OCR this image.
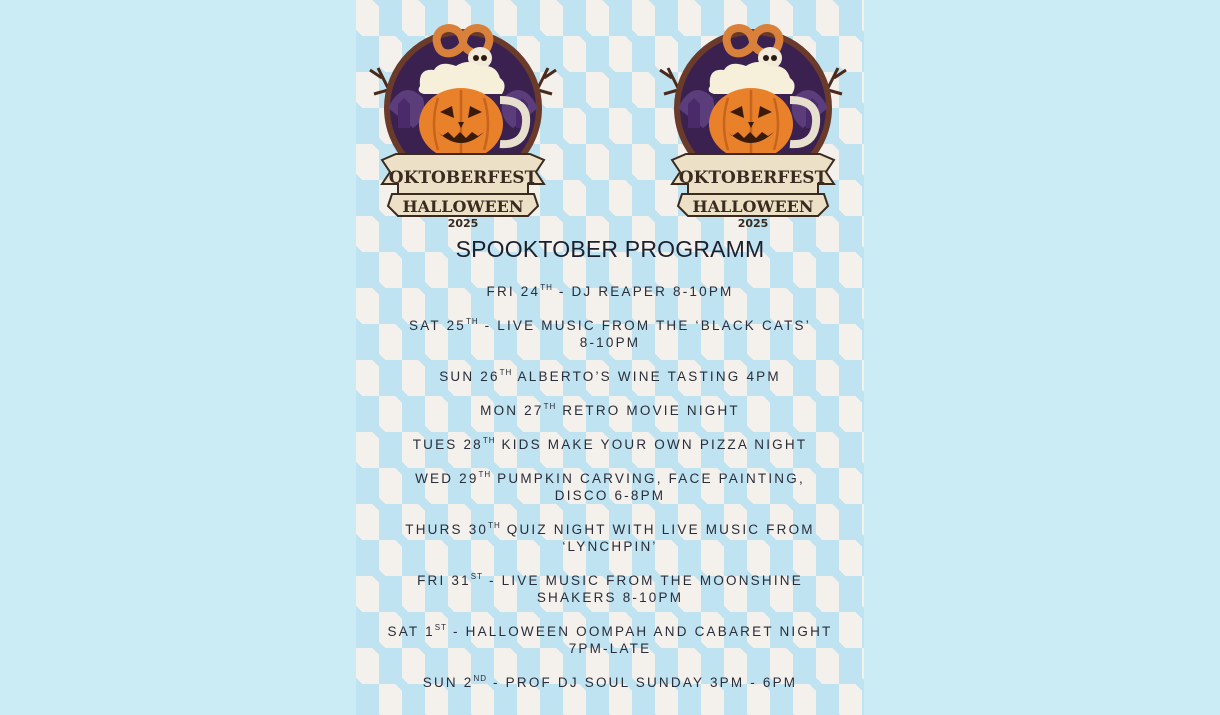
OKTOBERFEST
HALLOWEEN
2025
OKTOBERFEST
HALLOWEEN
2025
SPOOKTOBER PROGRAMM
FRI 24TH - DJ REAPER 8-10PM
SAT 25TH - LIVE MUSIC FROM THE ‘BLACK CATS’
8-10PM
SUN 26TH ALBERTO’S WINE TASTING 4PM
MON 27TH RETRO MOVIE NIGHT
TUES 28TH KIDS MAKE YOUR OWN PIZZA NIGHT
WED 29TH PUMPKIN CARVING, FACE PAINTING,
DISCO 6-8PM
THURS 30TH QUIZ NIGHT WITH LIVE MUSIC FROM
‘LYNCHPIN’
FRI 31ST - LIVE MUSIC FROM THE MOONSHINE
SHAKERS 8-10PM
SAT 1ST - HALLOWEEN OOMPAH AND CABARET NIGHT
7PM-LATE
SUN 2ND - PROF DJ SOUL SUNDAY 3PM - 6PM
